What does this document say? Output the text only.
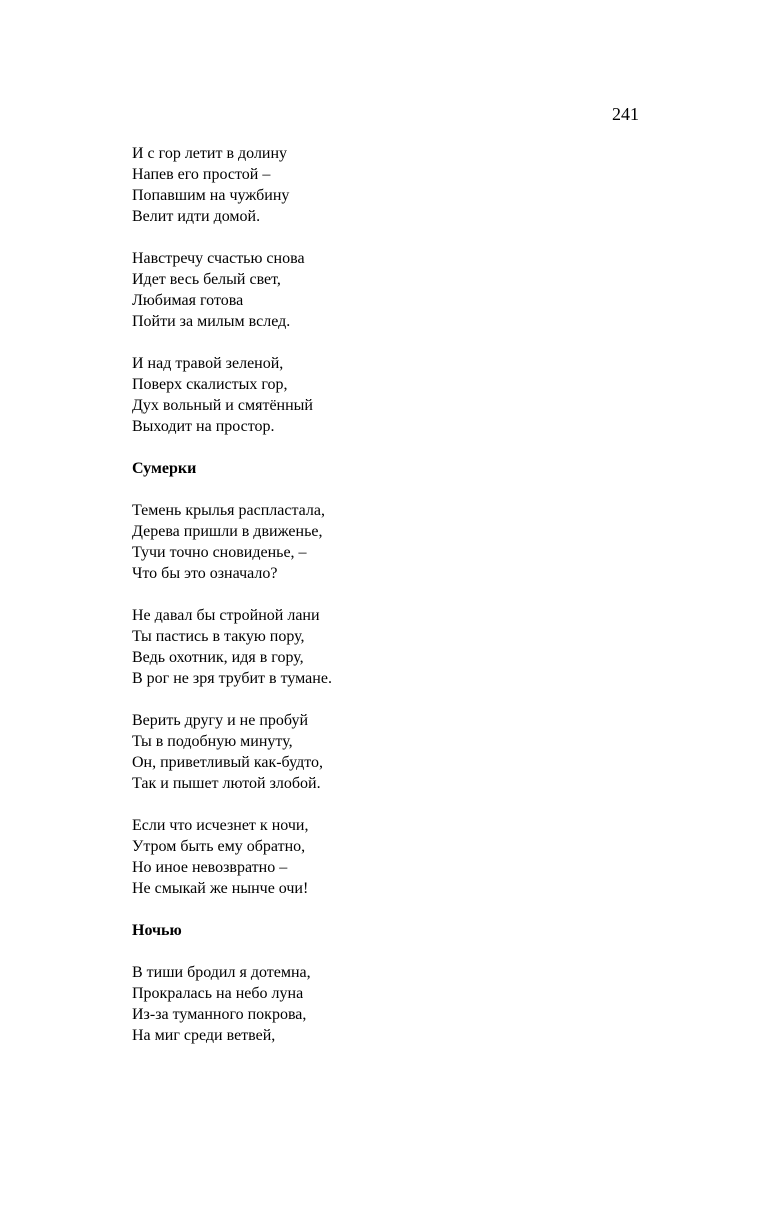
241
И с гор летит в долину
Напев его простой –
Попавшим на чужбину
Велит идти домой.
Навстречу счастью снова
Идет весь белый свет,
Любимая готова
Пойти за милым вслед.
И над травой зеленой,
Поверх скалистых гор,
Дух вольный и смятённый
Выходит на простор.
Сумерки
Темень крылья распластала,
Дерева пришли в движенье,
Тучи точно сновиденье, –
Что бы это означало?
Не давал бы стройной лани
Ты пастись в такую пору,
Ведь охотник, идя в гору,
В рог не зря трубит в тумане.
Верить другу и не пробуй
Ты в подобную минуту,
Он, приветливый как-будто,
Так и пышет лютой злобой.
Если что исчезнет к ночи,
Утром быть ему обратно,
Но иное невозвратно –
Не смыкай же нынче очи!
Ночью
В тиши бродил я дотемна,
Прокралась на небо луна
Из-за туманного покрова,
На миг среди ветвей,
